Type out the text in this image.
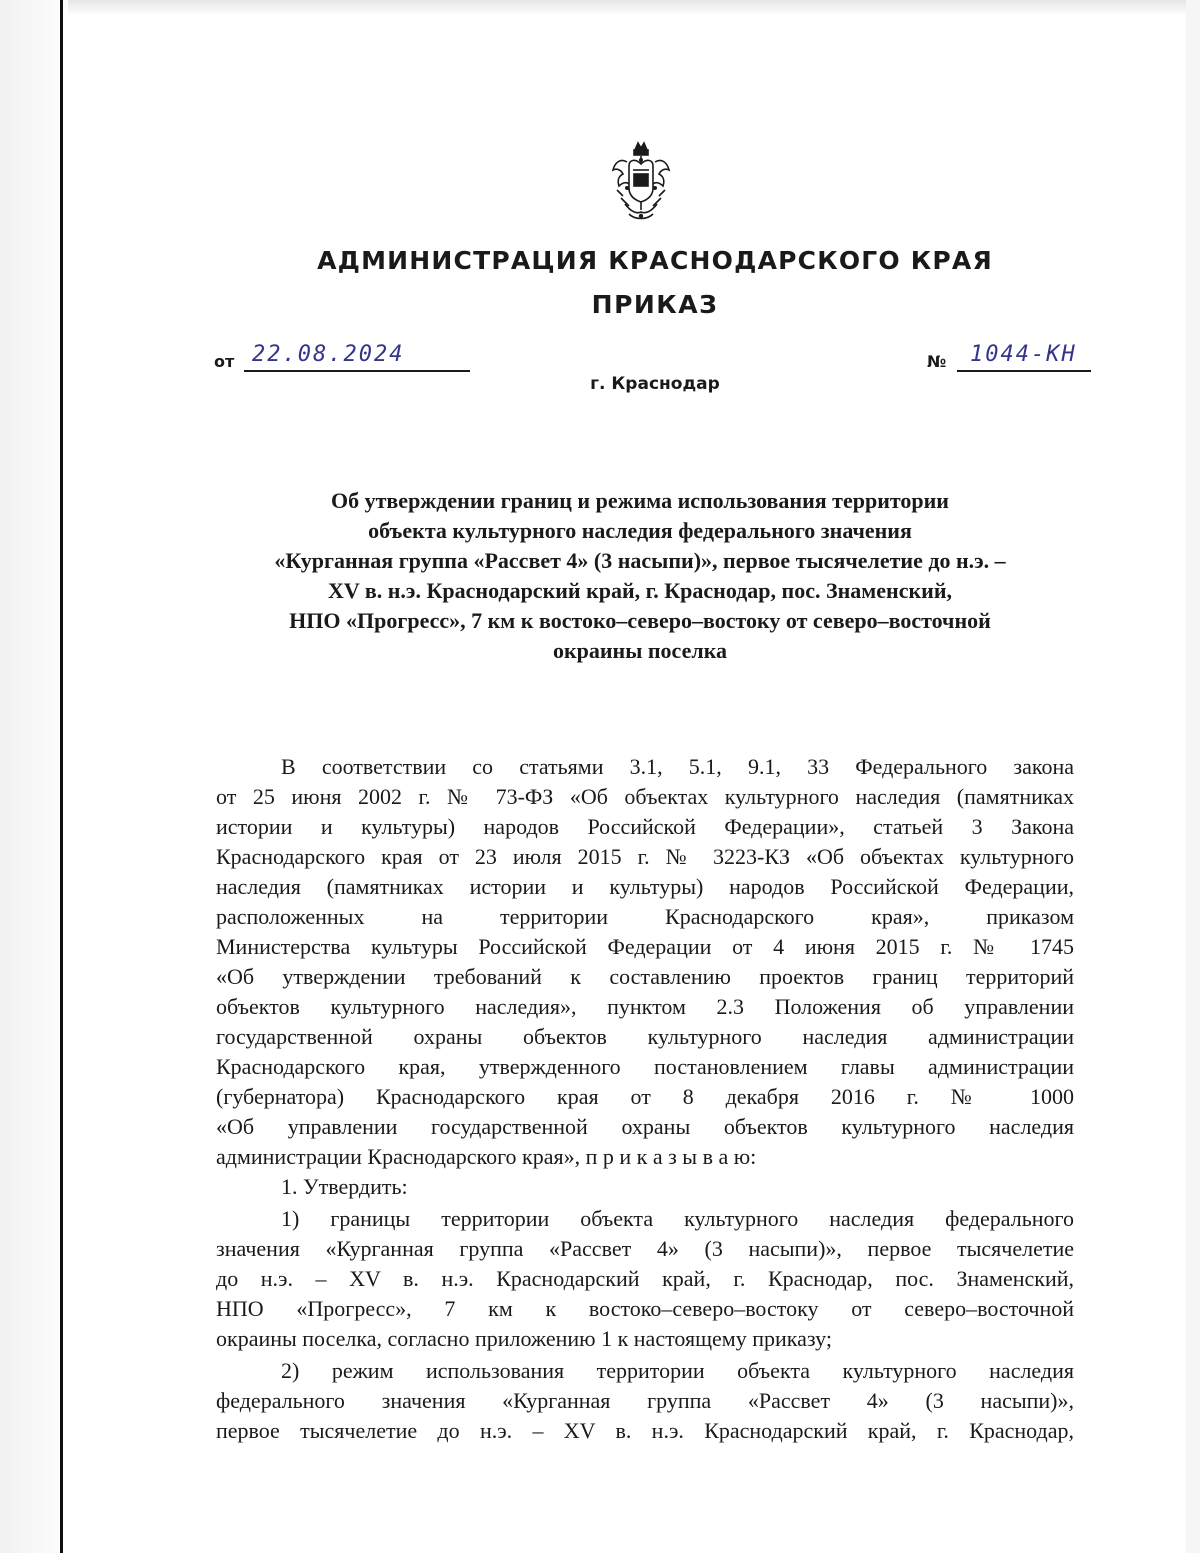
АДМИНИСТРАЦИЯ КРАСНОДАРСКОГО КРАЯ
ПРИКАЗ
от 22.08.2024	№ 1044-КН
г. Краснодар
Об утверждении границ и режима использования территории
объекта культурного наследия федерального значения
«Курганная группа «Рассвет 4» (3 насыпи)», первое тысячелетие до н.э. –
XV в. н.э. Краснодарский край, г. Краснодар, пос. Знаменский,
НПО «Прогресс», 7 км к востоко–северо–востоку от северо–восточной
окраины поселка
В соответствии со статьями 3.1, 5.1, 9.1, 33 Федерального закона
от 25 июня 2002 г. № 73-ФЗ «Об объектах культурного наследия (памятниках
истории и культуры) народов Российской Федерации», статьей 3 Закона
Краснодарского края от 23 июля 2015 г. № 3223-КЗ «Об объектах культурного
наследия (памятниках истории и культуры) народов Российской Федерации,
расположенных на территории Краснодарского края», приказом
Министерства культуры Российской Федерации от 4 июня 2015 г. № 1745
«Об утверждении требований к составлению проектов границ территорий
объектов культурного наследия», пунктом 2.3 Положения об управлении
государственной охраны объектов культурного наследия администрации
Краснодарского края, утвержденного постановлением главы администрации
(губернатора) Краснодарского края от 8 декабря 2016 г. № 1000
«Об управлении государственной охраны объектов культурного наследия
администрации Краснодарского края», п р и к а з ы в а ю:
1. Утвердить:
1) границы территории объекта культурного наследия федерального
значения «Курганная группа «Рассвет 4» (3 насыпи)», первое тысячелетие
до н.э. – XV в. н.э. Краснодарский край, г. Краснодар, пос. Знаменский,
НПО «Прогресс», 7 км к востоко–северо–востоку от северо–восточной
окраины поселка, согласно приложению 1 к настоящему приказу;
2) режим использования территории объекта культурного наследия
федерального значения «Курганная группа «Рассвет 4» (3 насыпи)»,
первое тысячелетие до н.э. – XV в. н.э. Краснодарский край, г. Краснодар,
